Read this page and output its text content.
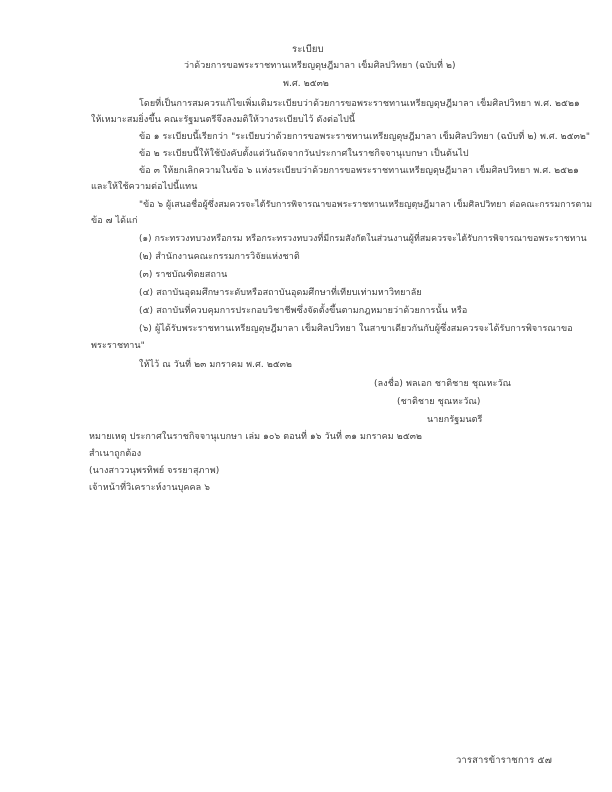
ระเบียบ
ว่าด้วยการขอพระราชทานเหรียญดุษฎีมาลา เข็มศิลปวิทยา (ฉบับที่ ๒)
พ.ศ. ๒๕๓๒
โดยที่เป็นการสมควรแก้ไขเพิ่มเติมระเบียบว่าด้วยการขอพระราชทานเหรียญดุษฎีมาลา เข็มศิลปวิทยา พ.ศ. ๒๕๒๑
ให้เหมาะสมยิ่งขึ้น คณะรัฐมนตรีจึงลงมติให้วางระเบียบไว้ ดังต่อไปนี้
ข้อ ๑ ระเบียบนี้เรียกว่า "ระเบียบว่าด้วยการขอพระราชทานเหรียญดุษฎีมาลา เข็มศิลปวิทยา (ฉบับที่ ๒) พ.ศ. ๒๕๓๒"
ข้อ ๒ ระเบียบนี้ให้ใช้บังคับตั้งแต่วันถัดจากวันประกาศในราชกิจจานุเบกษา เป็นต้นไป
ข้อ ๓ ให้ยกเลิกความในข้อ ๖ แห่งระเบียบว่าด้วยการขอพระราชทานเหรียญดุษฎีมาลา เข็มศิลปวิทยา พ.ศ. ๒๕๒๑
และให้ใช้ความต่อไปนี้แทน
"ข้อ ๖ ผู้เสนอชื่อผู้ซึ่งสมควรจะได้รับการพิจารณาขอพระราชทานเหรียญดุษฎีมาลา เข็มศิลปวิทยา ต่อคณะกรรมการตาม
ข้อ ๗ ได้แก่
(๑) กระทรวงทบวงหรือกรม หรือกระทรวงทบวงที่มีกรมสังกัดในส่วนงานผู้ที่สมควรจะได้รับการพิจารณาขอพระราชทาน
(๒) สำนักงานคณะกรรมการวิจัยแห่งชาติ
(๓) ราชบัณฑิตยสถาน
(๔) สถาบันอุดมศึกษาระดับหรือสถาบันอุดมศึกษาที่เทียบเท่ามหาวิทยาลัย
(๕) สถาบันที่ควบคุมการประกอบวิชาชีพซึ่งจัดตั้งขึ้นตามกฎหมายว่าด้วยการนั้น หรือ
(๖) ผู้ได้รับพระราชทานเหรียญดุษฎีมาลา เข็มศิลปวิทยา ในสาขาเดียวกันกับผู้ซึ่งสมควรจะได้รับการพิจารณาขอ
พระราชทาน"
ให้ไว้ ณ วันที่ ๒๓ มกราคม พ.ศ. ๒๕๓๒
(ลงชื่อ) พลเอก ชาติชาย ชุณหะวัณ
(ชาติชาย ชุณหะวัณ)
นายกรัฐมนตรี
หมายเหตุ ประกาศในราชกิจจานุเบกษา เล่ม ๑๐๖ ตอนที่ ๑๖ วันที่ ๓๑ มกราคม ๒๕๓๒
สำเนาถูกต้อง
(นางสาววนุพรทิพย์ จรรยาสุภาพ)
เจ้าหน้าที่วิเคราะห์งานบุคคล ๖
วารสารข้าราชการ ๕๗
